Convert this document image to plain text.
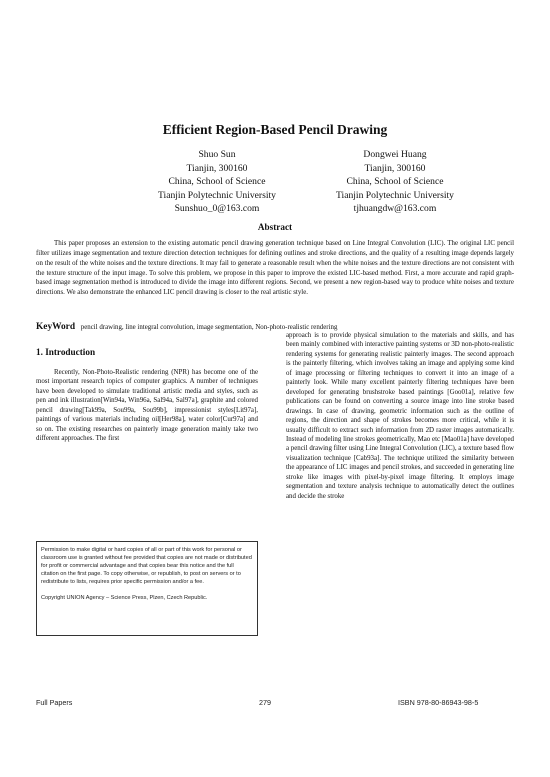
Efficient Region-Based Pencil Drawing
Shuo Sun
Tianjin, 300160
China, School of Science
Tianjin Polytechnic University
Sunshuo_0@163.com
Dongwei Huang
Tianjin, 300160
China, School of Science
Tianjin Polytechnic University
tjhuangdw@163.com
Abstract
This paper proposes an extension to the existing automatic pencil drawing generation technique based on Line Integral Convolution (LIC). The original LIC pencil filter utilizes image segmentation and texture direction detection techniques for defining outlines and stroke directions, and the quality of a resulting image depends largely on the result of the white noises and the texture directions. It may fail to generate a reasonable result when the white noises and the texture directions are not consistent with the texture structure of the input image. To solve this problem, we propose in this paper to improve the existed LIC-based method. First, a more accurate and rapid graph-based image segmentation method is introduced to divide the image into different regions. Second, we present a new region-based way to produce white noises and texture directions. We also demonstrate the enhanced LIC pencil drawing is closer to the real artistic style.
KeyWord pencil drawing, line integral convolution, image segmentation, Non-photo-realistic rendering
1. Introduction
Recently, Non-Photo-Realistic rendering (NPR) has become one of the most important research topics of computer graphics. A number of techniques have been developed to simulate traditional artistic media and styles, such as pen and ink illustration[Win94a, Win96a, Sal94a, Sal97a], graphite and colored pencil drawing[Tak99a, Sou99a, Sou99b], impressionist styles[Lit97a], paintings of various materials including oil[Her98a], water color[Cur97a] and so on. The existing researches on painterly image generation mainly take two different approaches. The first

Permission to make digital or hard copies of all or part of this work for personal or classroom use is granted without fee provided that copies are not made or distributed for profit or commercial advantage and that copies bear this notice and the full citation on the first page. To copy otherwise, or republish, to post on servers or to redistribute to lists, requires prior specific permission and/or a fee.

Copyright UNION Agency – Science Press, Plzen, Czech Republic.

approach is to provide physical simulation to the materials and skills, and has been mainly combined with interactive painting systems or 3D non-photo-realistic rendering systems for generating realistic painterly images. The second approach is the painterly filtering, which involves taking an image and applying some kind of image processing or filtering techniques to convert it into an image of a painterly look. While many excellent painterly filtering techniques have been developed for generating brushstroke based paintings [Goo01a], relative few publications can be found on converting a source image into line stroke based drawings. In case of drawing, geometric information such as the outline of regions, the direction and shape of strokes becomes more critical, while it is usually difficult to extract such information from 2D raster images automatically. Instead of modeling line strokes geometrically, Mao etc [Mao01a] have developed a pencil drawing filter using Line Integral Convolution (LIC), a texture based flow visualization technique [Cab93a]. The technique utilized the similarity between the appearance of LIC images and pencil strokes, and succeeded in generating line stroke like images with pixel-by-pixel image filtering. It employs image segmentation and texture analysis technique to automatically detect the outlines and decide the stroke
Full Papers	279	ISBN 978-80-86943-98-5
